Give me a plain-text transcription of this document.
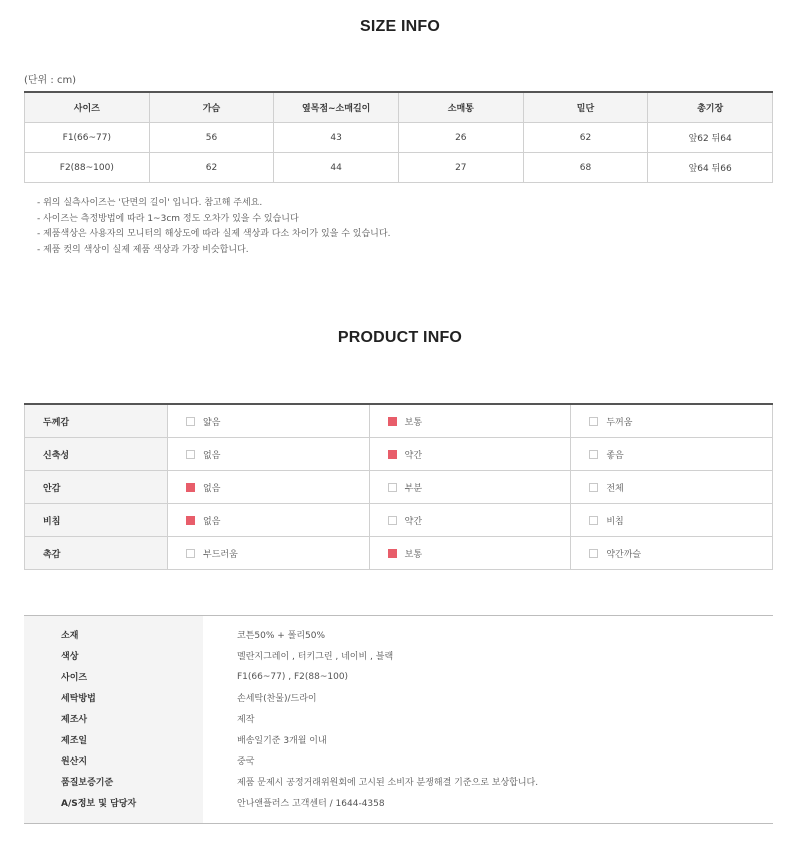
SIZE INFO
(단위 : cm)
사이즈	가슴	옆목점~소매길이	소매통	밑단	총기장
F1(66~77)	56	43	26	62	앞62 뒤64
F2(88~100)	62	44	27	68	앞64 뒤66
- 위의 실측사이즈는 '단면의 길이' 입니다. 참고해 주세요.
- 사이즈는 측정방법에 따라 1~3cm 정도 오차가 있을 수 있습니다
- 제품색상은 사용자의 모니터의 해상도에 따라 실제 색상과 다소 차이가 있을 수 있습니다.
- 제품 컷의 색상이 실제 제품 색상과 가장 비슷합니다.
PRODUCT INFO
두께감	얇음	보통	두꺼움

신축성	없음	약간	좋음

안감	없음	부분	전체

비침	없음	약간	비침

촉감	부드러움	보통	약간까슬
소재	코튼50% + 폴리50%
색상	멜란지그레이 , 터키그린 , 네이비 , 블랙
사이즈	F1(66~77) , F2(88~100)
세탁방법	손세탁(찬물)/드라이
제조사	제작
제조일	배송일기준 3개월 이내
원산지	중국
품질보증기준	제품 문제시 공정거래위원회에 고시된 소비자 분쟁해결 기준으로 보상합니다.
A/S정보 및 담당자	안나앤플러스 고객센터 / 1644-4358
